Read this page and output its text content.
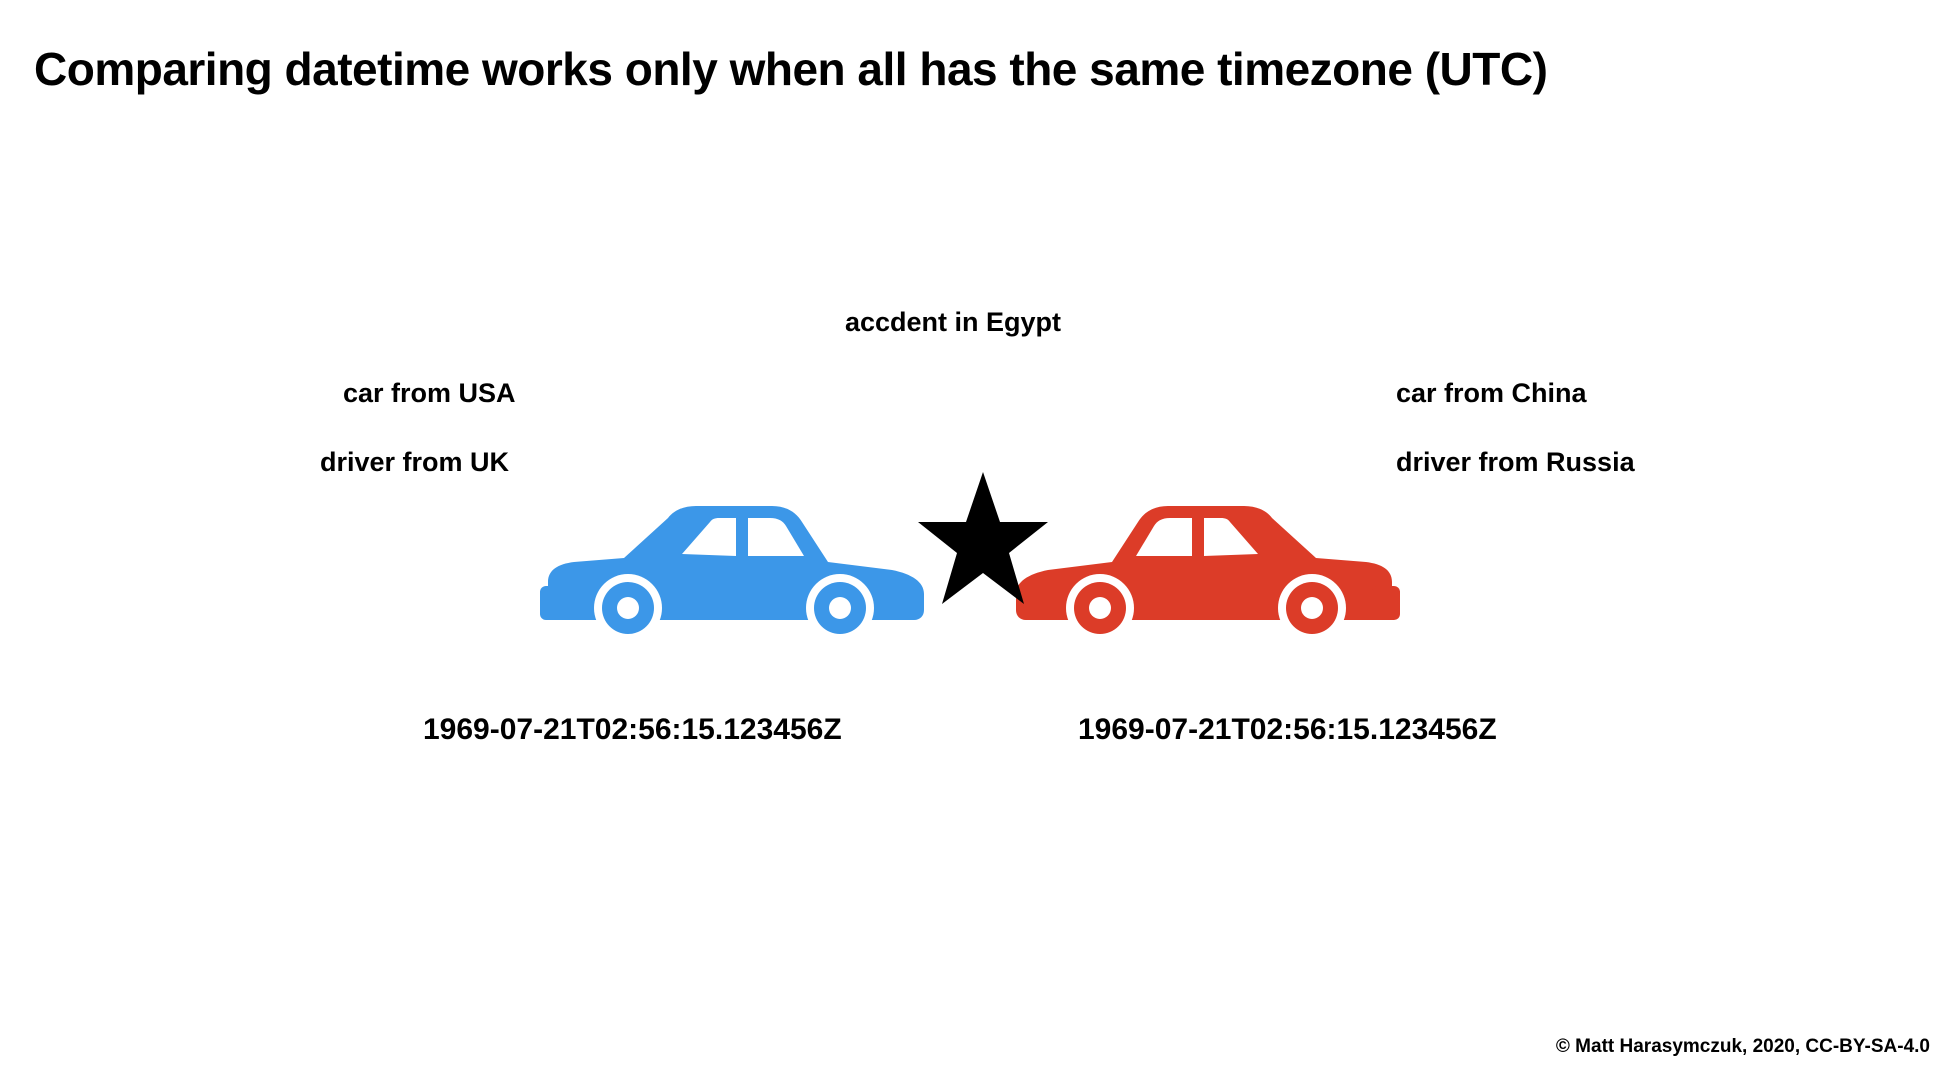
Comparing datetime works only when all has the same timezone (UTC)
accdent in Egypt
car from USA
driver from UK
car from China
driver from Russia
1969-07-21T02:56:15.123456Z	1969-07-21T02:56:15.123456Z
© Matt Harasymczuk, 2020, CC-BY-SA-4.0
